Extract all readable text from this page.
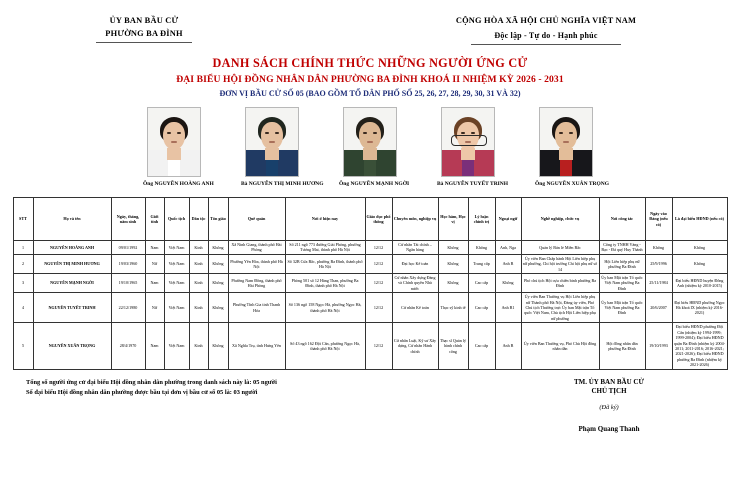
ỦY BAN BẦU CỬ
PHƯỜNG BA ĐÌNH
CỘNG HÒA XÃ HỘI CHỦ NGHĨA VIỆT NAM
Độc lập - Tự do - Hạnh phúc
DANH SÁCH CHÍNH THỨC NHỮNG NGƯỜI ỨNG CỬ
ĐẠI BIỂU HỘI ĐỒNG NHÂN DÂN PHƯỜNG BA ĐÌNH KHOÁ II NHIỆM KỲ 2026 - 2031
ĐƠN VỊ BẦU CỬ SỐ 05 (BAO GỒM TỔ DÂN PHỐ SỐ 25, 26, 27, 28, 29, 30, 31 VÀ 32)
Ông NGUYỄN HOÀNG ANH	Bà NGUYỄN THỊ MINH HƯƠNG	Ông NGUYỄN MẠNH NGỜI	Bà NGUYỄN TUYẾT TRINH	Ông NGUYỄN XUÂN TRỌNG
STT	Họ và tên	Ngày, tháng, năm sinh	Giới tính	Quốc tịch	Dân tộc	Tôn giáo	Quê quán	Nơi ở hiện nay	Giáo dục phổ thông	Chuyên môn, nghiệp vụ	Học hàm, Học vị	Lý luận chính trị	Ngoại ngữ	Nghề nghiệp, chức vụ	Nơi công tác	Ngày vào Đảng (nếu có)	Là đại biểu HĐND (nếu có)
1	NGUYỄN HOÀNG ANH	09/01/1992	Nam	Việt Nam	Kinh	Không	Xã Ninh Giang, thành phố Hải Phòng	Số 211 ngõ 773 đường Giải Phóng, phường Tương Mai, thành phố Hà Nội	12/12	Cử nhân Tài chính – Ngân hàng	Không	Không	Anh, Nga	Quản lý Bán lẻ Miền Bắc	Công ty TNHH Vàng - Bạc - Đá quý Huy Thành	Không	Không
2	NGUYỄN THỊ MINH HƯƠNG	19/03/1960	Nữ	Việt Nam	Kinh	Không	Phường Yên Hòa, thành phố Hà Nội	Số 32B Cửa Bắc, phường Ba Đình, thành phố Hà Nội	12/12	Đại học Kế toán	Không	Trung cấp	Anh B	Ủy viên Ban Chấp hành Hội Liên hiệp phụ nữ phường, Chi hội trưởng Chi hội phụ nữ số 14	Hội Liên hiệp phụ nữ phường Ba Đình	25/9/1996	Không
3	NGUYỄN MẠNH NGỜI	19/10/1965	Nam	Việt Nam	Kinh	Không	Phường Nam Đồng, thành phố Hải Phòng	Phòng 501 số 12 Hàng Than, phường Ba Đình, thành phố Hà Nội	12/12	Cử nhân Xây dựng Đảng và Chính quyền Nhà nước	Không	Cao cấp	Không	Phó chủ tịch Hội cựu chiến binh phường Ba Đình	Ủy ban Mặt trận Tổ quốc Việt Nam phường Ba Đình	25/11/1984	Đại biểu HĐND huyện Đông Anh (nhiệm kỳ 2010-2015)
4	NGUYỄN TUYẾT TRINH	22/12/1980	Nữ	Việt Nam	Kinh	Không	Phường Tĩnh Gia tỉnh Thanh Hóa	Số 136 ngõ 158 Ngọc Hà, phường Ngọc Hà, thành phố Hà Nội	12/12	Cử nhân Kế toán	Thạc sỹ kinh tế	Cao cấp	Anh B1	Ủy viên Ban Thường vụ Hội Liên hiệp phụ nữ Thành phố Hà Nội, Đảng ủy viên, Phó Chủ tịch Thường trực Ủy ban Mặt trận Tổ quốc Việt Nam, Chủ tịch Hội Liên hiệp phụ nữ phường	Ủy ban Mặt trận Tổ quốc Việt Nam phường Ba Đình	20/6/2007	Đại biểu HĐND phường Ngọc Hà khoá IX (nhiệm kỳ 2016-2021)
5	NGUYỄN XUÂN TRỌNG	28/4/1970	Nam	Việt Nam	Kinh	Không	Xã Nghĩa Trụ, tỉnh Hưng Yên	Số 43 ngõ 162 Đội Cấn, phường Ngọc Hà, thành phố Hà Nội	12/12	Cử nhân Luật, Kỹ sư Xây dựng, Cử nhân Hành chính	Thạc sĩ Quản lý hành chính công	Cao cấp	Anh B	Ủy viên Ban Thường vụ, Phó Chủ Hội đồng nhân dân	Hội đồng nhân dân phường Ba Đình	19/10/1993	Đại biểu HĐND phường Đội Cấn (nhiệm kỳ 1994-1999; 1999-2004); Đại biểu HĐND quận Ba Đình (nhiệm kỳ 2004-2011; 2011-2016; 2016-2021; 2021-2026); Đại biểu HĐND phường Ba Đình (nhiệm kỳ 2021-2026)
Tổng số người ứng cử đại biểu Hội đồng nhân dân phường trong danh sách này là: 05 người
Số đại biểu Hội đồng nhân dân phường được bầu tại đơn vị bầu cử số 05 là: 03 người
TM. ỦY BAN BẦU CỬ
CHỦ TỊCH
(Đã ký)
Phạm Quang Thanh
